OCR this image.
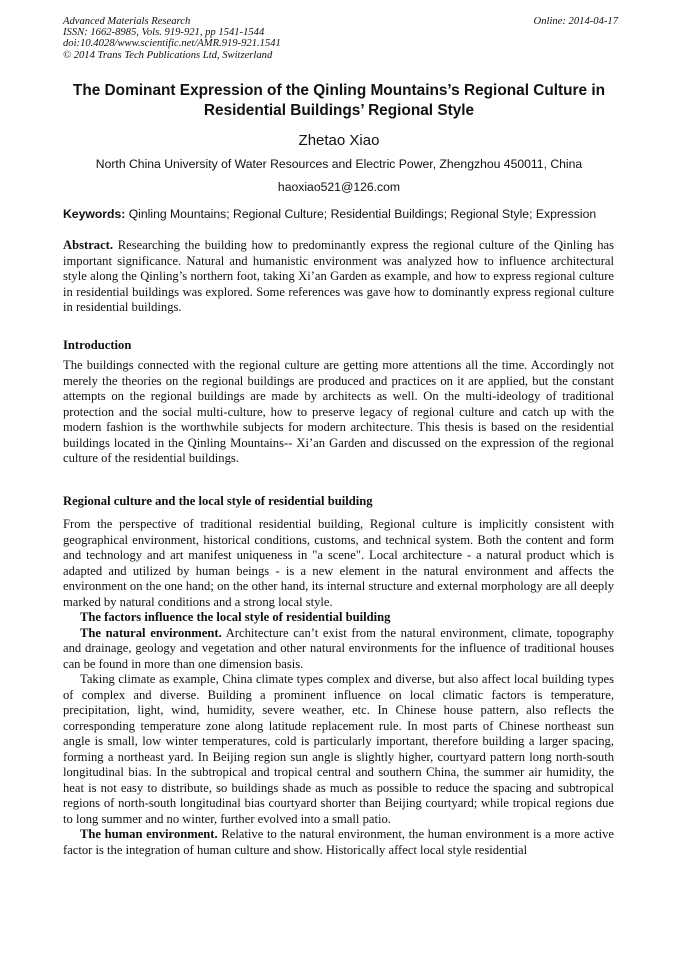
Advanced Materials Research
ISSN: 1662-8985, Vols. 919-921, pp 1541-1544
doi:10.4028/www.scientific.net/AMR.919-921.1541
© 2014 Trans Tech Publications Ltd, Switzerland
Online: 2014-04-17
The Dominant Expression of the Qinling Mountains’s Regional Culture in Residential Buildings’ Regional Style
Zhetao Xiao
North China University of Water Resources and Electric Power, Zhengzhou 450011, China
haoxiao521@126.com
Keywords: Qinling Mountains; Regional Culture; Residential Buildings; Regional Style; Expression

Abstract. Researching the building how to predominantly express the regional culture of the Qinling has important significance. Natural and humanistic environment was analyzed how to influence architectural style along the Qinling’s northern foot, taking Xi’an Garden as example, and how to express regional culture in residential buildings was explored. Some references was gave how to dominantly express regional culture in residential buildings.

Introduction

The buildings connected with the regional culture are getting more attentions all the time. Accordingly not merely the theories on the regional buildings are produced and practices on it are applied, but the constant attempts on the regional buildings are made by architects as well. On the multi-ideology of traditional protection and the social multi-culture, how to preserve legacy of regional culture and catch up with the modern fashion is the worthwhile subjects for modern architecture. This thesis is based on the residential buildings located in the Qinling Mountains-- Xi’an Garden and discussed on the expression of the regional culture of the residential buildings.

Regional culture and the local style of residential building

From the perspective of traditional residential building, Regional culture is implicitly consistent with geographical environment, historical conditions, customs, and technical system. Both the content and form and technology and art manifest uniqueness in "a scene". Local architecture - a natural product which is adapted and utilized by human beings - is a new element in the natural environment and affects the environment on the one hand; on the other hand, its internal structure and external morphology are all deeply marked by natural conditions and a strong local style.

The factors influence the local style of residential building

The natural environment. Architecture can’t exist from the natural environment, climate, topography and drainage, geology and vegetation and other natural environments for the influence of traditional houses can be found in more than one dimension basis.

Taking climate as example, China climate types complex and diverse, but also affect local building types of complex and diverse. Building a prominent influence on local climatic factors is temperature, precipitation, light, wind, humidity, severe weather, etc. In Chinese house pattern, also reflects the corresponding temperature zone along latitude replacement rule. In most parts of Chinese northeast sun angle is small, low winter temperatures, cold is particularly important, therefore building a larger spacing, forming a northeast yard. In Beijing region sun angle is slightly higher, courtyard pattern long north-south longitudinal bias. In the subtropical and tropical central and southern China, the summer air humidity, the heat is not easy to distribute, so buildings shade as much as possible to reduce the spacing and subtropical regions of north-south longitudinal bias courtyard shorter than Beijing courtyard; while tropical regions due to long summer and no winter, further evolved into a small patio.

The human environment. Relative to the natural environment, the human environment is a more active factor is the integration of human culture and show. Historically affect local style residential
